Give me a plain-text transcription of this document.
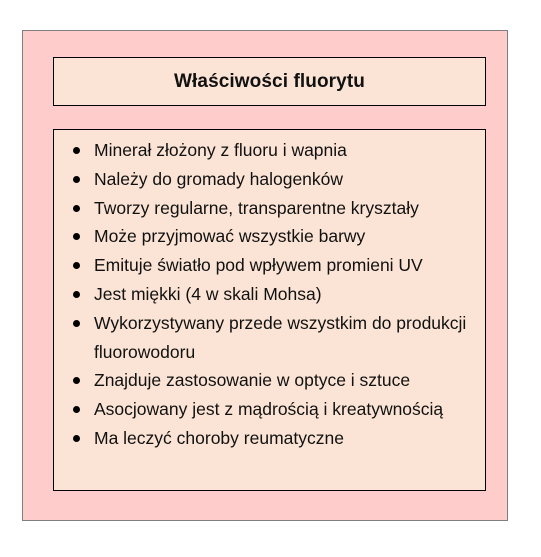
Właściwości fluorytu
Minerał złożony z fluoru i wapnia
Należy do gromady halogenków
Tworzy regularne, transparentne kryształy
Może przyjmować wszystkie barwy
Emituje światło pod wpływem promieni UV
Jest miękki (4 w skali Mohsa)
Wykorzystywany przede wszystkim do produkcji fluorowodoru
Znajduje zastosowanie w optyce i sztuce
Asocjowany jest z mądrością i kreatywnością
Ma leczyć choroby reumatyczne
